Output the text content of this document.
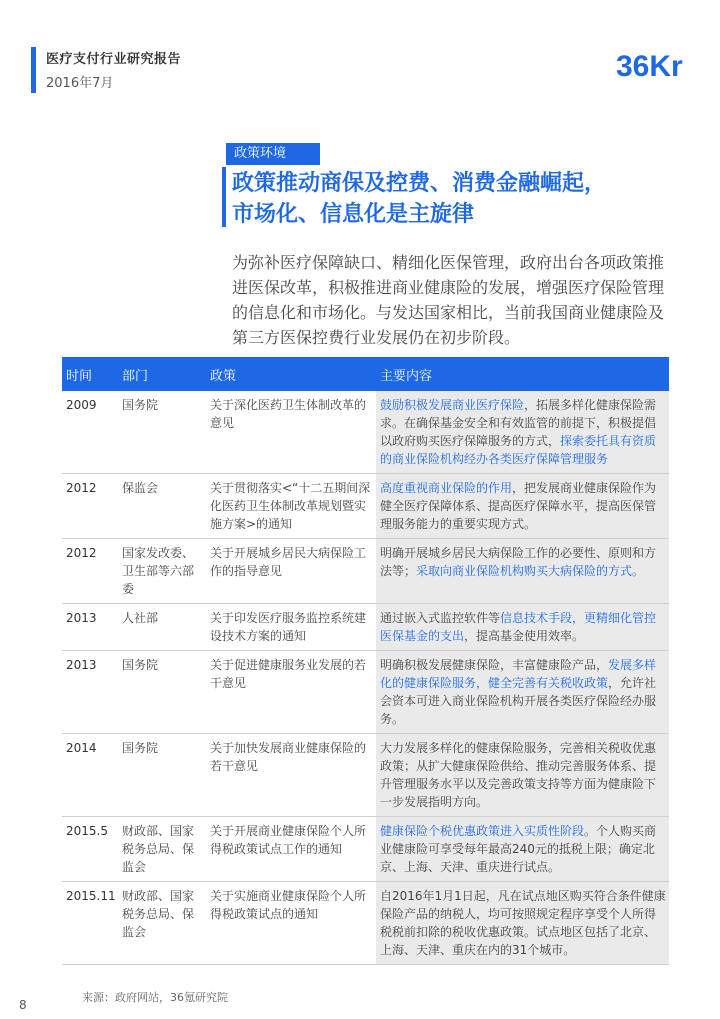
医疗支付行业研究报告
2016年7月
36Kr
政策环境
政策推动商保及控费、消费金融崛起，
市场化、信息化是主旋律
为弥补医疗保障缺口、精细化医保管理，政府出台各项政策推进医保改革，积极推进商业健康险的发展，增强医疗保险管理的信息化和市场化。与发达国家相比，当前我国商业健康险及第三方医保控费行业发展仍在初步阶段。
时间	部门	政策	主要内容
2009	国务院	关于深化医药卫生体制改革的意见	鼓励积极发展商业医疗保险，拓展多样化健康保险需求。在确保基金安全和有效监管的前提下，积极提倡以政府购买医疗保障服务的方式，探索委托具有资质的商业保险机构经办各类医疗保障管理服务
2012	保监会	关于贯彻落实<“十二五期间深化医药卫生体制改革规划暨实施方案>的通知	高度重视商业保险的作用，把发展商业健康保险作为健全医疗保障体系、提高医疗保障水平，提高医保管理服务能力的重要实现方式。
2012	国家发改委、卫生部等六部委	关于开展城乡居民大病保险工作的指导意见	明确开展城乡居民大病保险工作的必要性、原则和方法等；采取向商业保险机构购买大病保险的方式。
2013	人社部	关于印发医疗服务监控系统建设技术方案的通知	通过嵌入式监控软件等信息技术手段，更精细化管控医保基金的支出，提高基金使用效率。
2013	国务院	关于促进健康服务业发展的若干意见	明确积极发展健康保险，丰富健康险产品，发展多样化的健康保险服务，健全完善有关税收政策，允许社会资本可进入商业保险机构开展各类医疗保险经办服务。
2014	国务院	关于加快发展商业健康保险的若干意见	大力发展多样化的健康保险服务，完善相关税收优惠政策；从扩大健康保险供给、推动完善服务体系、提升管理服务水平以及完善政策支持等方面为健康险下一步发展指明方向。
2015.5	财政部、国家税务总局、保监会	关于开展商业健康保险个人所得税政策试点工作的通知	健康保险个税优惠政策进入实质性阶段。个人购买商业健康险可享受每年最高240元的抵税上限；确定北京、上海、天津、重庆进行试点。
2015.11	财政部、国家税务总局、保监会	关于实施商业健康保险个人所得税政策试点的通知	自2016年1月1日起，凡在试点地区购买符合条件健康保险产品的纳税人，均可按照规定程序享受个人所得税税前扣除的税收优惠政策。试点地区包括了北京、上海、天津、重庆在内的31个城市。
来源：政府网站，36氪研究院
8
